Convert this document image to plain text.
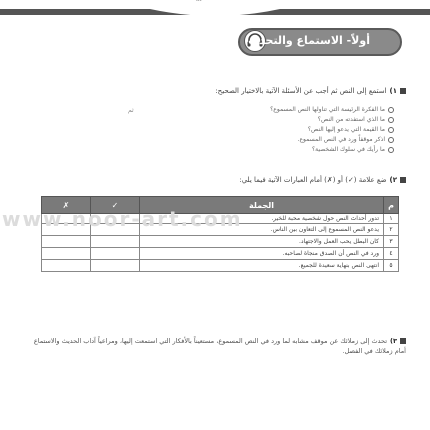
أولاً- الاستماع والتحدث
١)استمع إلى النص ثم أجب عن الأسئلة الآتية بالاختيار الصحيح:
ما الفكرة الرئيسة التي تناولها النص المسموع؟
ما الذي استفدته من النص؟
ما القيمة التي يدعو إليها النص؟
اذكر موقفاً ورد في النص المسموع.
ما رأيك في سلوك الشخصية؟
ثم
٢)ضع علامة (✓) أو (✗) أمام العبارات الآتية فيما يلي:
م	الجملة	✓	✗
١	تدور أحداث النص حول شخصية محبة للخير.		
٢	يدعو النص المسموع إلى التعاون بين الناس.		
٣	كان البطل يحب العمل والاجتهاد.		
٤	ورد في النص أن الصدق منجاة لصاحبه.		
٥	انتهى النص بنهاية سعيدة للجميع.		
www.noor-art.com
٣)تحدث إلى زملائك عن موقف مشابه لما ورد في النص المسموع، مستعيناً بالأفكار التي استمعت إليها، ومراعياً آداب الحديث والاستماع أمام زملائك في الفصل.
